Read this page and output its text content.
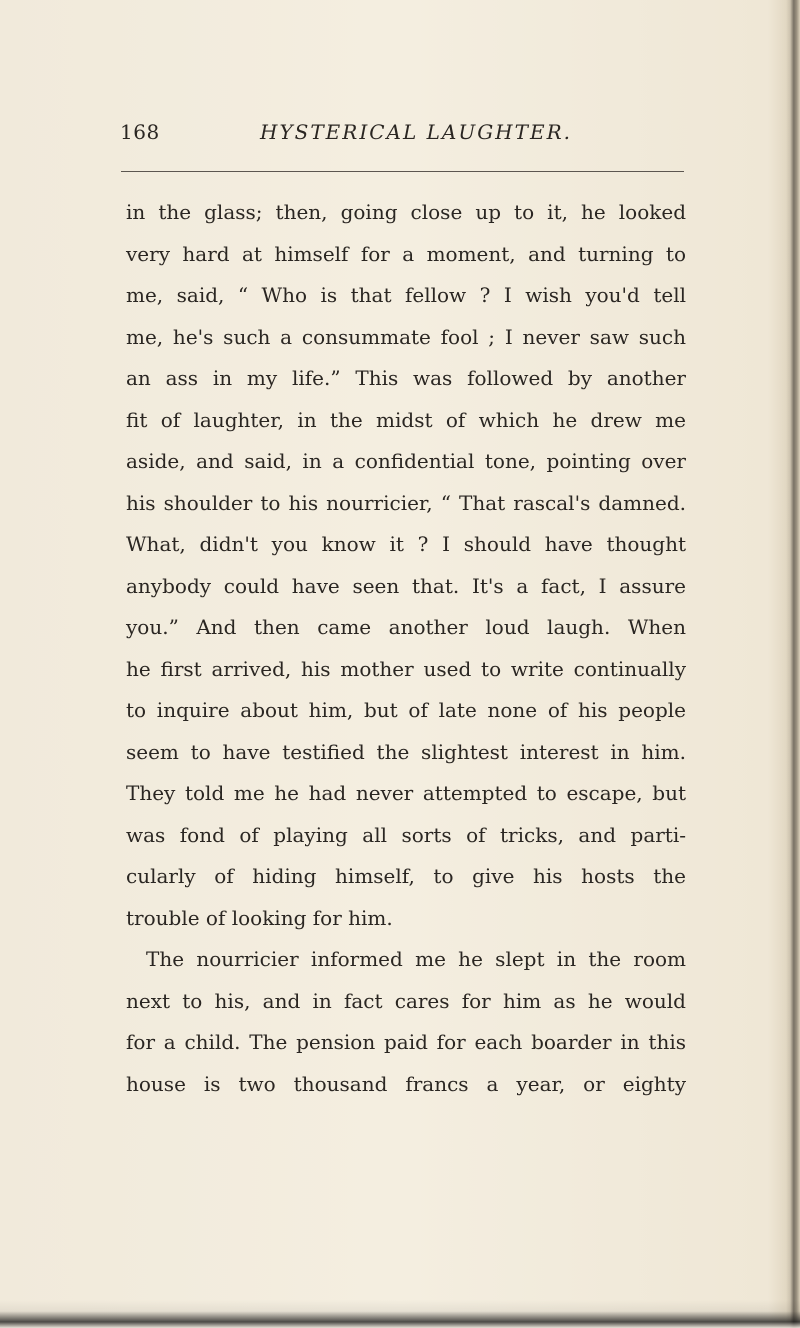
168	HYSTERICAL LAUGHTER.
in the glass; then, going close up to it, he looked
very hard at himself for a moment, and turning to
me, said, “ Who is that fellow ? I wish you'd tell
me, he's such a consummate fool ; I never saw such
an ass in my life.” This was followed by another
fit of laughter, in the midst of which he drew me
aside, and said, in a confidential tone, pointing over
his shoulder to his nourricier, “ That rascal's damned.
What, didn't you know it ? I should have thought
anybody could have seen that. It's a fact, I assure
you.” And then came another loud laugh. When
he first arrived, his mother used to write continually
to inquire about him, but of late none of his people
seem to have testified the slightest interest in him.
They told me he had never attempted to escape, but
was fond of playing all sorts of tricks, and parti-
cularly of hiding himself, to give his hosts the
trouble of looking for him.
The nourricier informed me he slept in the room
next to his, and in fact cares for him as he would
for a child. The pension paid for each boarder in this
house is two thousand francs a year, or eighty
